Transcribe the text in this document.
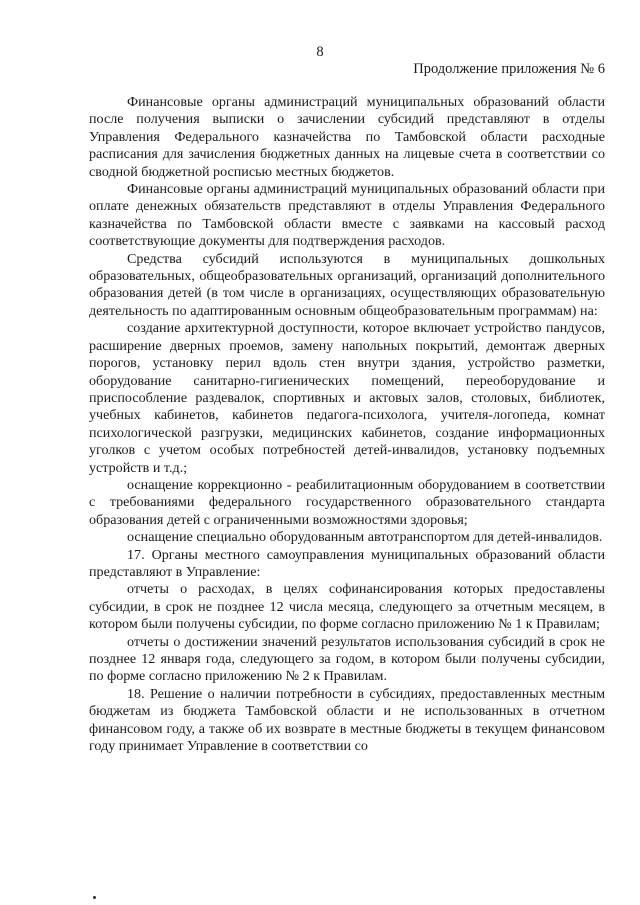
8
Продолжение приложения № 6

Финансовые органы администраций муниципальных образований области после получения выписки о зачислении субсидий представляют в отделы Управления Федерального казначейства по Тамбовской области расходные расписания для зачисления бюджетных данных на лицевые счета в соответствии со сводной бюджетной росписью местных бюджетов.

Финансовые органы администраций муниципальных образований области при оплате денежных обязательств представляют в отделы Управления Федерального казначейства по Тамбовской области вместе с заявками на кассовый расход соответствующие документы для подтверждения расходов.

Средства субсидий используются в муниципальных дошкольных образовательных, общеобразовательных организаций, организаций дополнительного образования детей (в том числе в организациях, осуществляющих образовательную деятельность по адаптированным основным общеобразовательным программам) на:

создание архитектурной доступности, которое включает устройство пандусов, расширение дверных проемов, замену напольных покрытий, демонтаж дверных порогов, установку перил вдоль стен внутри здания, устройство разметки, оборудование санитарно-гигиенических помещений, переоборудование и приспособление раздевалок, спортивных и актовых залов, столовых, библиотек, учебных кабинетов, кабинетов педагога-психолога, учителя-логопеда, комнат психологической разгрузки, медицинских кабинетов, создание информационных уголков с учетом особых потребностей детей-инвалидов, установку подъемных устройств и т.д.;

оснащение коррекционно - реабилитационным оборудованием в соответствии с требованиями федерального государственного образовательного стандарта образования детей с ограниченными возможностями здоровья;

оснащение специально оборудованным автотранспортом для детей-инвалидов.

17. Органы местного самоуправления муниципальных образований области представляют в Управление:

отчеты о расходах, в целях софинансирования которых предоставлены субсидии, в срок не позднее 12 числа месяца, следующего за отчетным месяцем, в котором были получены субсидии, по форме согласно приложению № 1 к Правилам;

отчеты о достижении значений результатов использования субсидий в срок не позднее 12 января года, следующего за годом, в котором были получены субсидии, по форме согласно приложению № 2 к Правилам.

18. Решение о наличии потребности в субсидиях, предоставленных местным бюджетам из бюджета Тамбовской области и не использованных в отчетном финансовом году, а также об их возврате в местные бюджеты в текущем финансовом году принимает Управление в соответствии со
